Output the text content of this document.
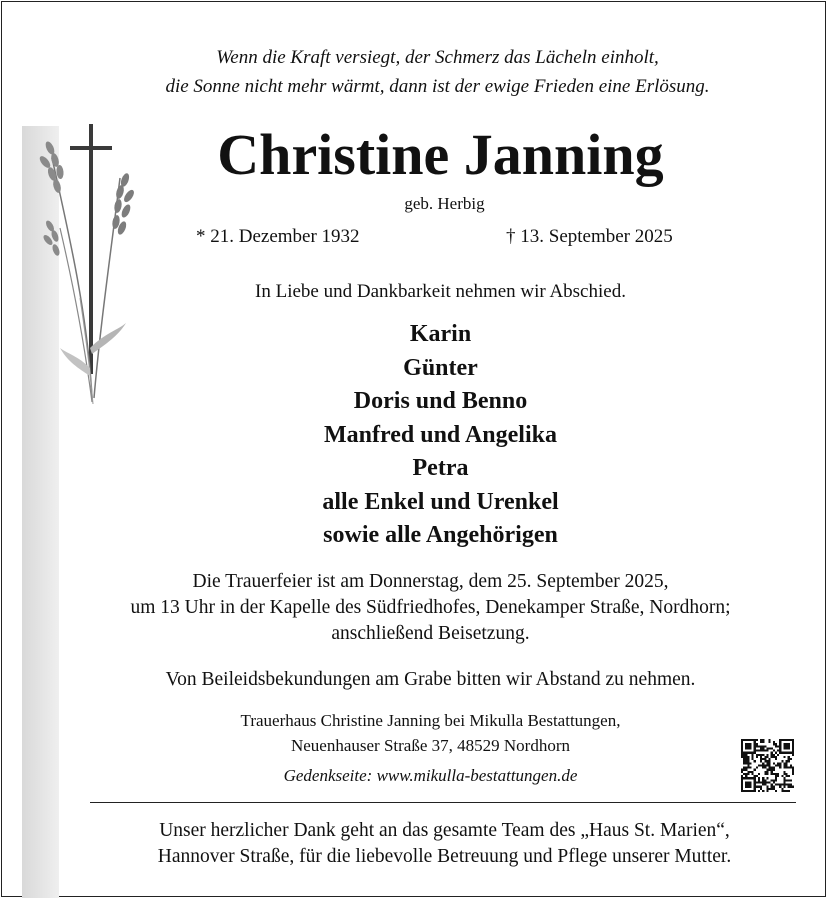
Wenn die Kraft versiegt, der Schmerz das Lächeln einholt,
die Sonne nicht mehr wärmt, dann ist der ewige Frieden eine Erlösung.
Christine Janning
geb. Herbig
* 21. Dezember 1932	† 13. September 2025
In Liebe und Dankbarkeit nehmen wir Abschied.
Karin
Günter
Doris und Benno
Manfred und Angelika
Petra
alle Enkel und Urenkel
sowie alle Angehörigen
Die Trauerfeier ist am Donnerstag, dem 25. September 2025,
um 13 Uhr in der Kapelle des Südfriedhofes, Denekamper Straße, Nordhorn;
anschließend Beisetzung.
Von Beileidsbekundungen am Grabe bitten wir Abstand zu nehmen.
Trauerhaus Christine Janning bei Mikulla Bestattungen,
Neuenhauser Straße 37, 48529 Nordhorn
Gedenkseite: www.mikulla-bestattungen.de
Unser herzlicher Dank geht an das gesamte Team des „Haus St. Marien“,
Hannover Straße, für die liebevolle Betreuung und Pflege unserer Mutter.
